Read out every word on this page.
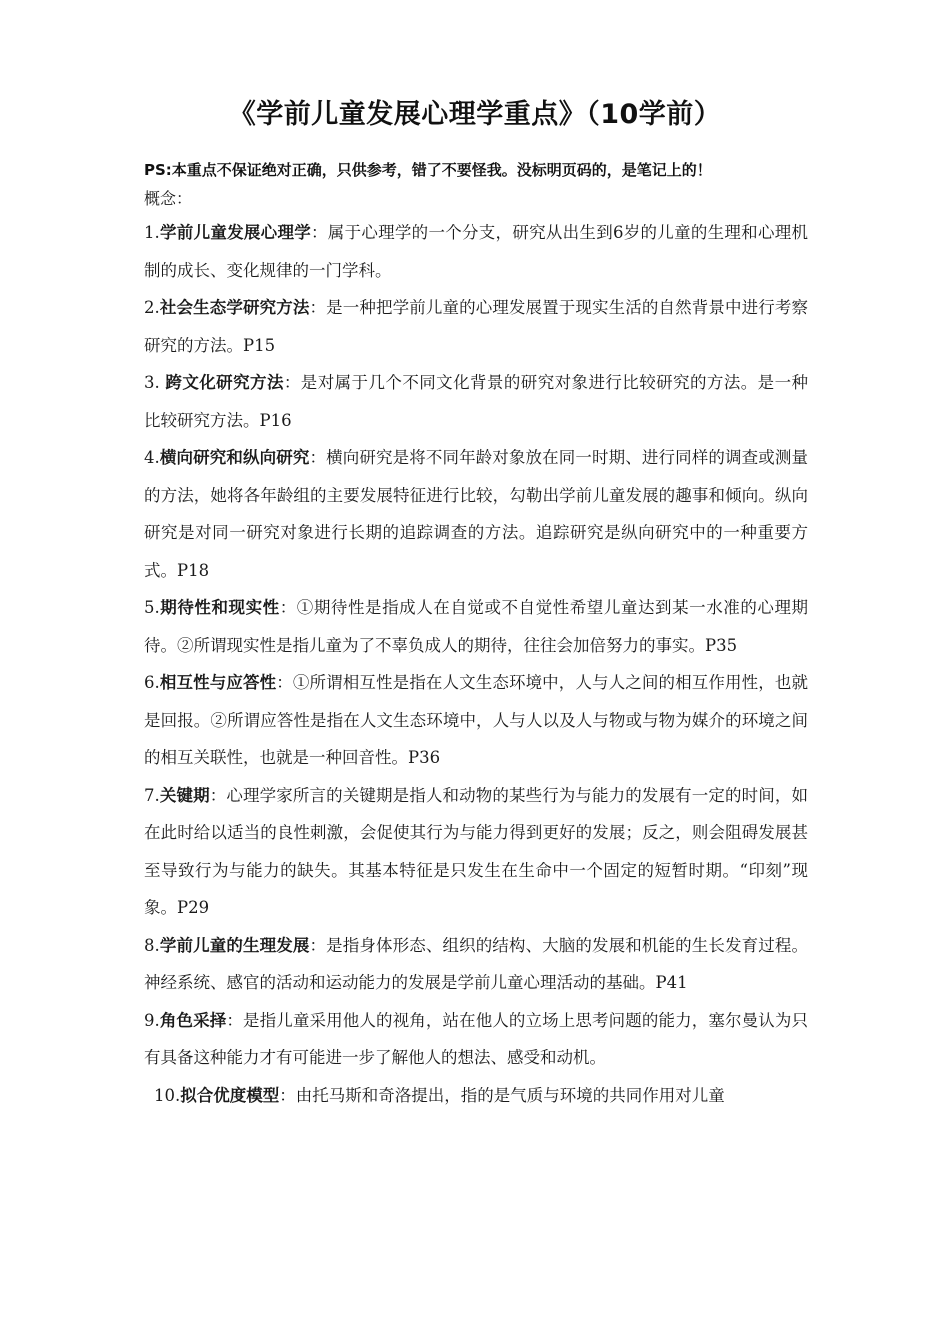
《学前儿童发展心理学重点》（10学前）
PS:本重点不保证绝对正确，只供参考，错了不要怪我。没标明页码的，是笔记上的！
概念：

1.学前儿童发展心理学：属于心理学的一个分支，研究从出生到6岁的儿童的生理和心理机制的成长、变化规律的一门学科。

2.社会生态学研究方法：是一种把学前儿童的心理发展置于现实生活的自然背景中进行考察研究的方法。P15

3. 跨文化研究方法：是对属于几个不同文化背景的研究对象进行比较研究的方法。是一种比较研究方法。P16

4.横向研究和纵向研究：横向研究是将不同年龄对象放在同一时期、进行同样的调查或测量的方法，她将各年龄组的主要发展特征进行比较，勾勒出学前儿童发展的趣事和倾向。纵向研究是对同一研究对象进行长期的追踪调查的方法。追踪研究是纵向研究中的一种重要方式。P18

5.期待性和现实性：①期待性是指成人在自觉或不自觉性希望儿童达到某一水准的心理期待。②所谓现实性是指儿童为了不辜负成人的期待，往往会加倍努力的事实。P35

6.相互性与应答性：①所谓相互性是指在人文生态环境中，人与人之间的相互作用性，也就是回报。②所谓应答性是指在人文生态环境中，人与人以及人与物或与物为媒介的环境之间的相互关联性，也就是一种回音性。P36

7.关键期：心理学家所言的关键期是指人和动物的某些行为与能力的发展有一定的时间，如在此时给以适当的良性刺激，会促使其行为与能力得到更好的发展；反之，则会阻碍发展甚至导致行为与能力的缺失。其基本特征是只发生在生命中一个固定的短暂时期。“印刻”现象。P29

8.学前儿童的生理发展：是指身体形态、组织的结构、大脑的发展和机能的生长发育过程。神经系统、感官的活动和运动能力的发展是学前儿童心理活动的基础。P41

9.角色采择：是指儿童采用他人的视角，站在他人的立场上思考问题的能力，塞尔曼认为只有具备这种能力才有可能进一步了解他人的想法、感受和动机。

10.拟合优度模型：由托马斯和奇洛提出，指的是气质与环境的共同作用对儿童
